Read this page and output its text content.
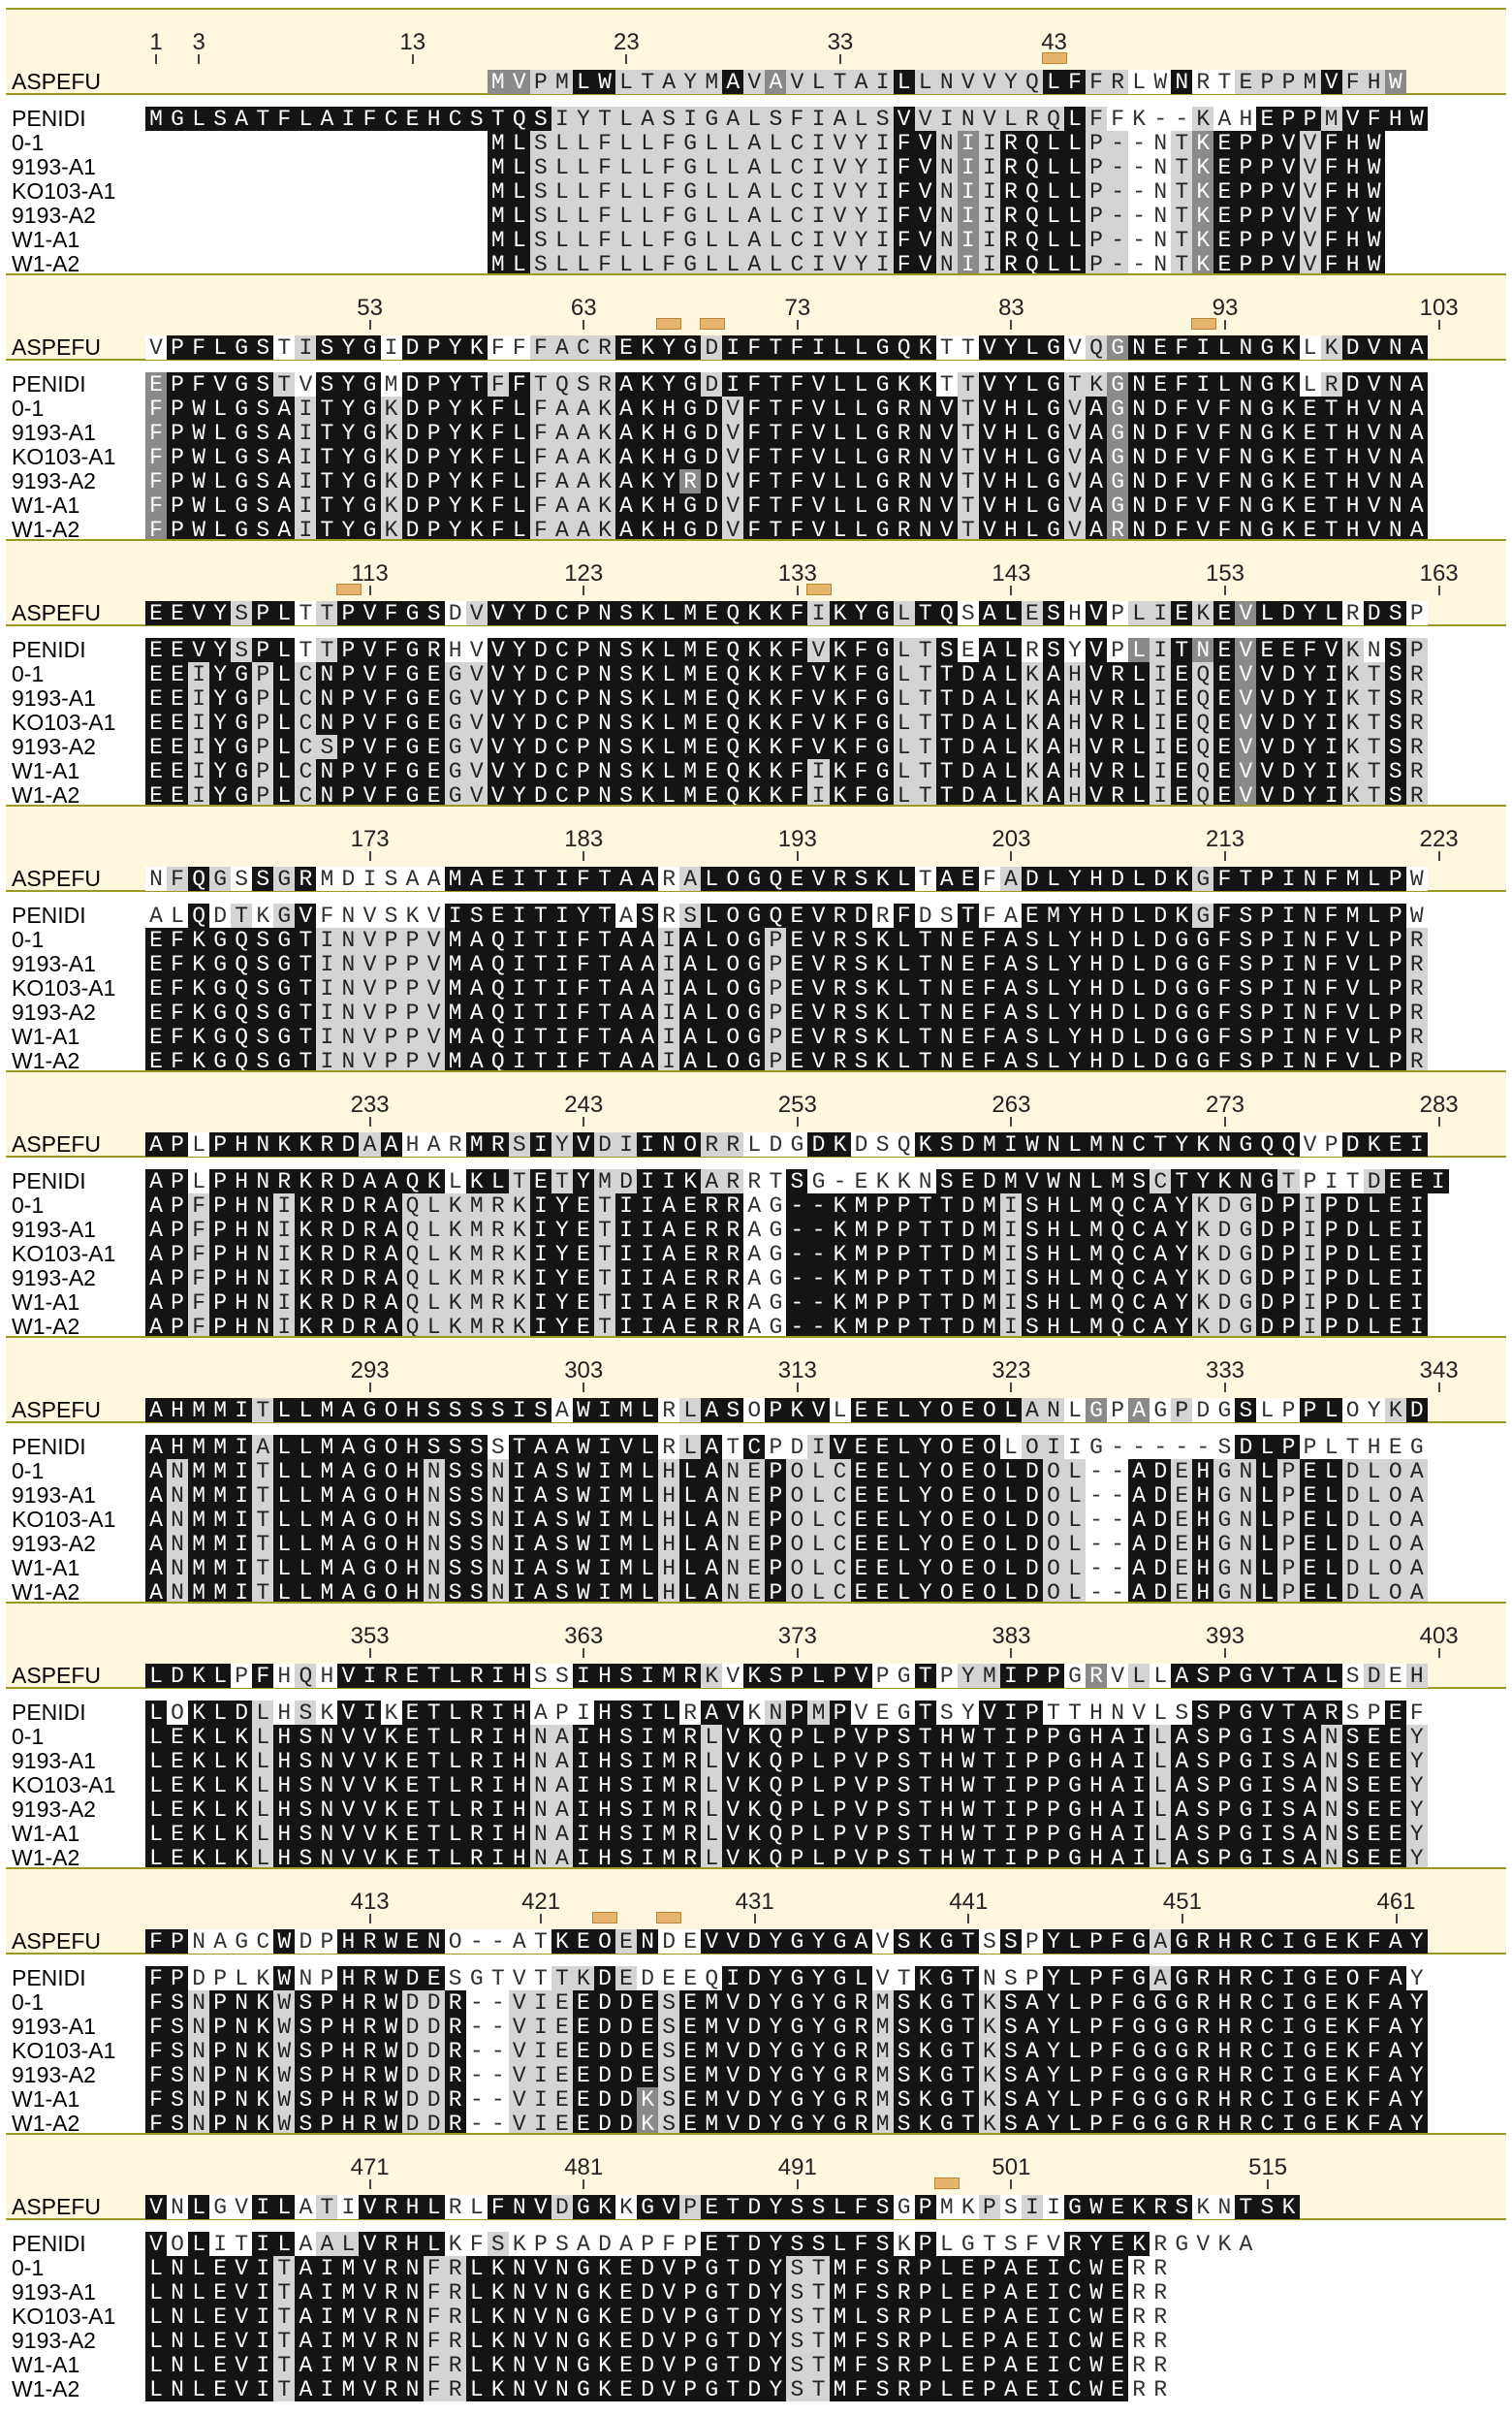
1	3	13	23	33	43
ASPEFU	M V P M L W L T A Y M A V A V L T A I L L N V V Y Q L F F R L W N R T E P P M V F H W
PENIDI	M G L S A T F L A I F C E H C S T Q S I Y T L A S I G A L S F I A L S V V I N V L R Q L F F K - - K A H E P P M V F H W
0-1	M L S L L F L L F G L L A L C I V Y I F V N I I R Q L L P - - N T K E P P V V F H W
9193-A1	M L S L L F L L F G L L A L C I V Y I F V N I I R Q L L P - - N T K E P P V V F H W
KO103-A1	M L S L L F L L F G L L A L C I V Y I F V N I I R Q L L P - - N T K E P P V V F H W
9193-A2	M L S L L F L L F G L L A L C I V Y I F V N I I R Q L L P - - N T K E P P V V F Y W
W1-A1	M L S L L F L L F G L L A L C I V Y I F V N I I R Q L L P - - N T K E P P V V F H W
W1-A2	M L S L L F L L F G L L A L C I V Y I F V N I I R Q L L P - - N T K E P P V V F H W
53	63	73	83	93	103
ASPEFU V P F L G S T I S Y G I D P Y K F F F A C R E K Y G D I F T F I L L G Q K T T V Y L G V Q G N E F I L N G K L K D V N A
PENIDI	E P F V G S T V S Y G M D P Y T F F T Q S R A K Y G D I F T F V L L G K K T T V Y L G T K G N E F I L N G K L R D V N A
0-1	F P W L G S A I T Y G K D P Y K F L F A A K A K H G D V F T F V L L G R N V T V H L G V A G N D F V F N G K E T H V N A
9193-A1 F P W L G S A I T Y G K D P Y K F L F A A K A K H G D V F T F V L L G R N V T V H L G V A G N D F V F N G K E T H V N A
KO103-A1 F P W L G S A I T Y G K D P Y K F L F A A K A K H G D V F T F V L L G R N V T V H L G V A G N D F V F N G K E T H V N A
9193-A2 F P W L G S A I T Y G K D P Y K F L F A A K A K Y R D V F T F V L L G R N V T V H L G V A G N D F V F N G K E T H V N A
W1-A1	F P W L G S A I T Y G K D P Y K F L F A A K A K H G D V F T F V L L G R N V T V H L G V A G N D F V F N G K E T H V N A
W1-A2	F P W L G S A I T Y G K D P Y K F L F A A K A K H G D V F T F V L L G R N V T V H L G V A R N D F V F N G K E T H V N A
113	123	133	143	153	163
ASPEFU E E V Y S P L T T P V F G S D V V Y D C P N S K L M E Q K K F I K Y G L T Q S A L E S H V P L I E K E V L D Y L R D S P
PENIDI	E E V Y S P L T T P V F G R H V V Y D C P N S K L M E Q K K F V K F G L T S E A L R S Y V P L I T N E V E E F V K N S P
0-1	E E I Y G P L C N P V F G E G V V Y D C P N S K L M E Q K K F V K F G L T T D A L K A H V R L I E Q E V V D Y I K T S R
9193-A1 E E I Y G P L C N P V F G E G V V Y D C P N S K L M E Q K K F V K F G L T T D A L K A H V R L I E Q E V V D Y I K T S R
KO103-A1 E E I Y G P L C N P V F G E G V V Y D C P N S K L M E Q K K F V K F G L T T D A L K A H V R L I E Q E V V D Y I K T S R
9193-A2 E E I Y G P L C S P V F G E G V V Y D C P N S K L M E Q K K F V K F G L T T D A L K A H V R L I E Q E V V D Y I K T S R
W1-A1	E E I Y G P L C N P V F G E G V V Y D C P N S K L M E Q K K F I K F G L T T D A L K A H V R L I E Q E V V D Y I K T S R
W1-A2	E E I Y G P L C N P V F G E G V V Y D C P N S K L M E Q K K F I K F G L T T D A L K A H V R L I E Q E V V D Y I K T S R
173	183	193	203	213	223
ASPEFU N F Q G S S G R M D I S A A M A E I T I F T A A R A L O G Q E V R S K L T A E F A D L Y H D L D K G F T P I N F M L P W
PENIDI	A L Q D T K G V F N V S K V I S E I T I Y T A S R S L O G Q E V R D R F D S T F A E M Y H D L D K G F S P I N F M L P W
0-1	E F K G Q S G T I N V P P V M A Q I T I F T A A I A L O G P E V R S K L T N E F A S L Y H D L D G G F S P I N F V L P R
9193-A1 E F K G Q S G T I N V P P V M A Q I T I F T A A I A L O G P E V R S K L T N E F A S L Y H D L D G G F S P I N F V L P R
KO103-A1 E F K G Q S G T I N V P P V M A Q I T I F T A A I A L O G P E V R S K L T N E F A S L Y H D L D G G F S P I N F V L P R
9193-A2 E F K G Q S G T I N V P P V M A Q I T I F T A A I A L O G P E V R S K L T N E F A S L Y H D L D G G F S P I N F V L P R
W1-A1	E F K G Q S G T I N V P P V M A Q I T I F T A A I A L O G P E V R S K L T N E F A S L Y H D L D G G F S P I N F V L P R
W1-A2	E F K G Q S G T I N V P P V M A Q I T I F T A A I A L O G P E V R S K L T N E F A S L Y H D L D G G F S P I N F V L P R
233	243	253	263	273	283
ASPEFU A P L P H N K K R D A A H A R M R S I Y V D I I N O R R L D G D K D S Q K S D M I W N L M N C T Y K N G Q Q V P D K E I
PENIDI	A P L P H N R K R D A A Q K L K L T E T Y M D I I K A R R T S G - E K K N S E D M V W N L M S C T Y K N G T P I T D E E I
0-1	A P F P H N I K R D R A Q L K M R K I Y E T I I A E R R A G - - K M P P T T D M I S H L M Q C A Y K D G D P I P D L E I
9193-A1 A P F P H N I K R D R A Q L K M R K I Y E T I I A E R R A G - - K M P P T T D M I S H L M Q C A Y K D G D P I P D L E I
KO103-A1 A P F P H N I K R D R A Q L K M R K I Y E T I I A E R R A G - - K M P P T T D M I S H L M Q C A Y K D G D P I P D L E I
9193-A2 A P F P H N I K R D R A Q L K M R K I Y E T I I A E R R A G - - K M P P T T D M I S H L M Q C A Y K D G D P I P D L E I
W1-A1	A P F P H N I K R D R A Q L K M R K I Y E T I I A E R R A G - - K M P P T T D M I S H L M Q C A Y K D G D P I P D L E I
W1-A2	A P F P H N I K R D R A Q L K M R K I Y E T I I A E R R A G - - K M P P T T D M I S H L M Q C A Y K D G D P I P D L E I
293	303	313	323	333	343
ASPEFU A H M M I T L L M A G O H S S S S I S A W I M L R L A S O P K V L E E L Y O E O L A N L G P A G P D G S L P P L O Y K D
PENIDI	A H M M I A L L M A G O H S S S S T A A W I V L R L A T C P D I V E E L Y O E O L O I I G - - - - - S D L P P L T H E G
0-1	A N M M I T L L M A G O H N S S N I A S W I M L H L A N E P O L C E E L Y O E O L D O L - - A D E H G N L P E L D L O A
9193-A1 A N M M I T L L M A G O H N S S N I A S W I M L H L A N E P O L C E E L Y O E O L D O L - - A D E H G N L P E L D L O A
KO103-A1 A N M M I T L L M A G O H N S S N I A S W I M L H L A N E P O L C E E L Y O E O L D O L - - A D E H G N L P E L D L O A
9193-A2 A N M M I T L L M A G O H N S S N I A S W I M L H L A N E P O L C E E L Y O E O L D O L - - A D E H G N L P E L D L O A
W1-A1	A N M M I T L L M A G O H N S S N I A S W I M L H L A N E P O L C E E L Y O E O L D O L - - A D E H G N L P E L D L O A
W1-A2	A N M M I T L L M A G O H N S S N I A S W I M L H L A N E P O L C E E L Y O E O L D O L - - A D E H G N L P E L D L O A
353	363	373	383	393	403
ASPEFU L D K L P F H Q H V I R E T L R I H S S I H S I M R K V K S P L P V P G T P Y M I P P G R V L L A S P G V T A L S D E H
PENIDI	L O K L D L H S K V I K E T L R I H A P I H S I L R A V K N P M P V E G T S Y V I P T T H N V L S S P G V T A R S P E F
0-1	L E K L K L H S N V V K E T L R I H N A I H S I M R L V K Q P L P V P S T H W T I P P G H A I L A S P G I S A N S E E Y
9193-A1 L E K L K L H S N V V K E T L R I H N A I H S I M R L V K Q P L P V P S T H W T I P P G H A I L A S P G I S A N S E E Y
KO103-A1 L E K L K L H S N V V K E T L R I H N A I H S I M R L V K Q P L P V P S T H W T I P P G H A I L A S P G I S A N S E E Y
9193-A2 L E K L K L H S N V V K E T L R I H N A I H S I M R L V K Q P L P V P S T H W T I P P G H A I L A S P G I S A N S E E Y
W1-A1	L E K L K L H S N V V K E T L R I H N A I H S I M R L V K Q P L P V P S T H W T I P P G H A I L A S P G I S A N S E E Y
W1-A2	L E K L K L H S N V V K E T L R I H N A I H S I M R L V K Q P L P V P S T H W T I P P G H A I L A S P G I S A N S E E Y
413	421	431	441	451	461
ASPEFU F P N A G C W D P H R W E N O - - A T K E O E N D E V V D Y G Y G A V S K G T S S P Y L P F G A G R H R C I G E K F A Y
PENIDI	F P D P L K W N P H R W D E S G T V T T K D E D E E Q I D Y G Y G L V T K G T N S P Y L P F G A G R H R C I G E O F A Y
0-1	F S N P N K W S P H R W D D R - - V I E E D D E S E M V D Y G Y G R M S K G T K S A Y L P F G G G R H R C I G E K F A Y
9193-A1 F S N P N K W S P H R W D D R - - V I E E D D E S E M V D Y G Y G R M S K G T K S A Y L P F G G G R H R C I G E K F A Y
KO103-A1 F S N P N K W S P H R W D D R - - V I E E D D E S E M V D Y G Y G R M S K G T K S A Y L P F G G G R H R C I G E K F A Y
9193-A2 F S N P N K W S P H R W D D R - - V I E E D D E S E M V D Y G Y G R M S K G T K S A Y L P F G G G R H R C I G E K F A Y
W1-A1	F S N P N K W S P H R W D D R - - V I E E D D K S E M V D Y G Y G R M S K G T K S A Y L P F G G G R H R C I G E K F A Y
W1-A2	F S N P N K W S P H R W D D R - - V I E E D D K S E M V D Y G Y G R M S K G T K S A Y L P F G G G R H R C I G E K F A Y
471	481	491	501	515
ASPEFU V N L G V I L A T I V R H L R L F N V D G K K G V P E T D Y S S L F S G P M K P S I I G W E K R S K N T S K
PENIDI	V O L I T I L A A L V R H L K F S K P S A D A P F P E T D Y S S L F S K P L G T S F V R Y E K R G V K A
0-1	L N L E V I T A I M V R N F R L K N V N G K E D V P G T D Y S T M F S R P L E P A E I C W E R R
9193-A1 L N L E V I T A I M V R N F R L K N V N G K E D V P G T D Y S T M F S R P L E P A E I C W E R R
KO103-A1 L N L E V I T A I M V R N F R L K N V N G K E D V P G T D Y S T M L S R P L E P A E I C W E R R
9193-A2 L N L E V I T A I M V R N F R L K N V N G K E D V P G T D Y S T M F S R P L E P A E I C W E R R
W1-A1	L N L E V I T A I M V R N F R L K N V N G K E D V P G T D Y S T M F S R P L E P A E I C W E R R
W1-A2	L N L E V I T A I M V R N F R L K N V N G K E D V P G T D Y S T M F S R P L E P A E I C W E R R
